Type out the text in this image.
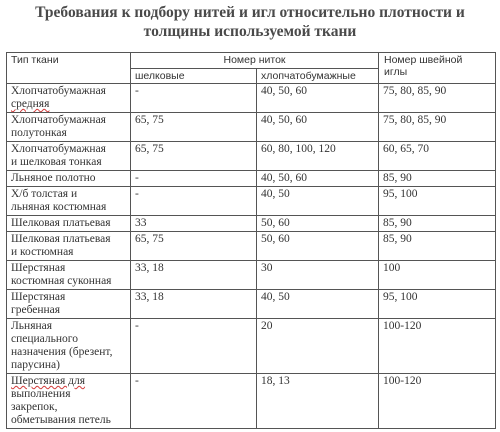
Требования к подбору нитей и игл относительно плотности и
толщины используемой ткани
Тип ткани	Номер ниток		Номер швейной
иглы

	шелковые	хлопчатобумажные	

Хлопчатобумажная
средняя	-	40, 50, 60	75, 80, 85, 90

Хлопчатобумажная
полутонкая	65, 75	40, 50, 60	75, 80, 85, 90

Хлопчатобумажная
и шелковая тонкая	65, 75	60, 80, 100, 120	60, 65, 70

Льняное полотно	-	40, 50, 60	85, 90

Х/б толстая и
льняная костюмная	-	40, 50	95, 100

Шелковая платьевая	33	50, 60	85, 90

Шелковая платьевая
и костюмная	65, 75	50, 60	85, 90

Шерстяная
костюмная суконная	33, 18	30	100

Шерстяная
гребенная	33, 18	40, 50	95, 100

Льняная
специального
назначения (брезент,
парусина)	-	20	100-120

Шерстяная для
выполнения
закрепок,
обметывания петель	-	18, 13	100-120
